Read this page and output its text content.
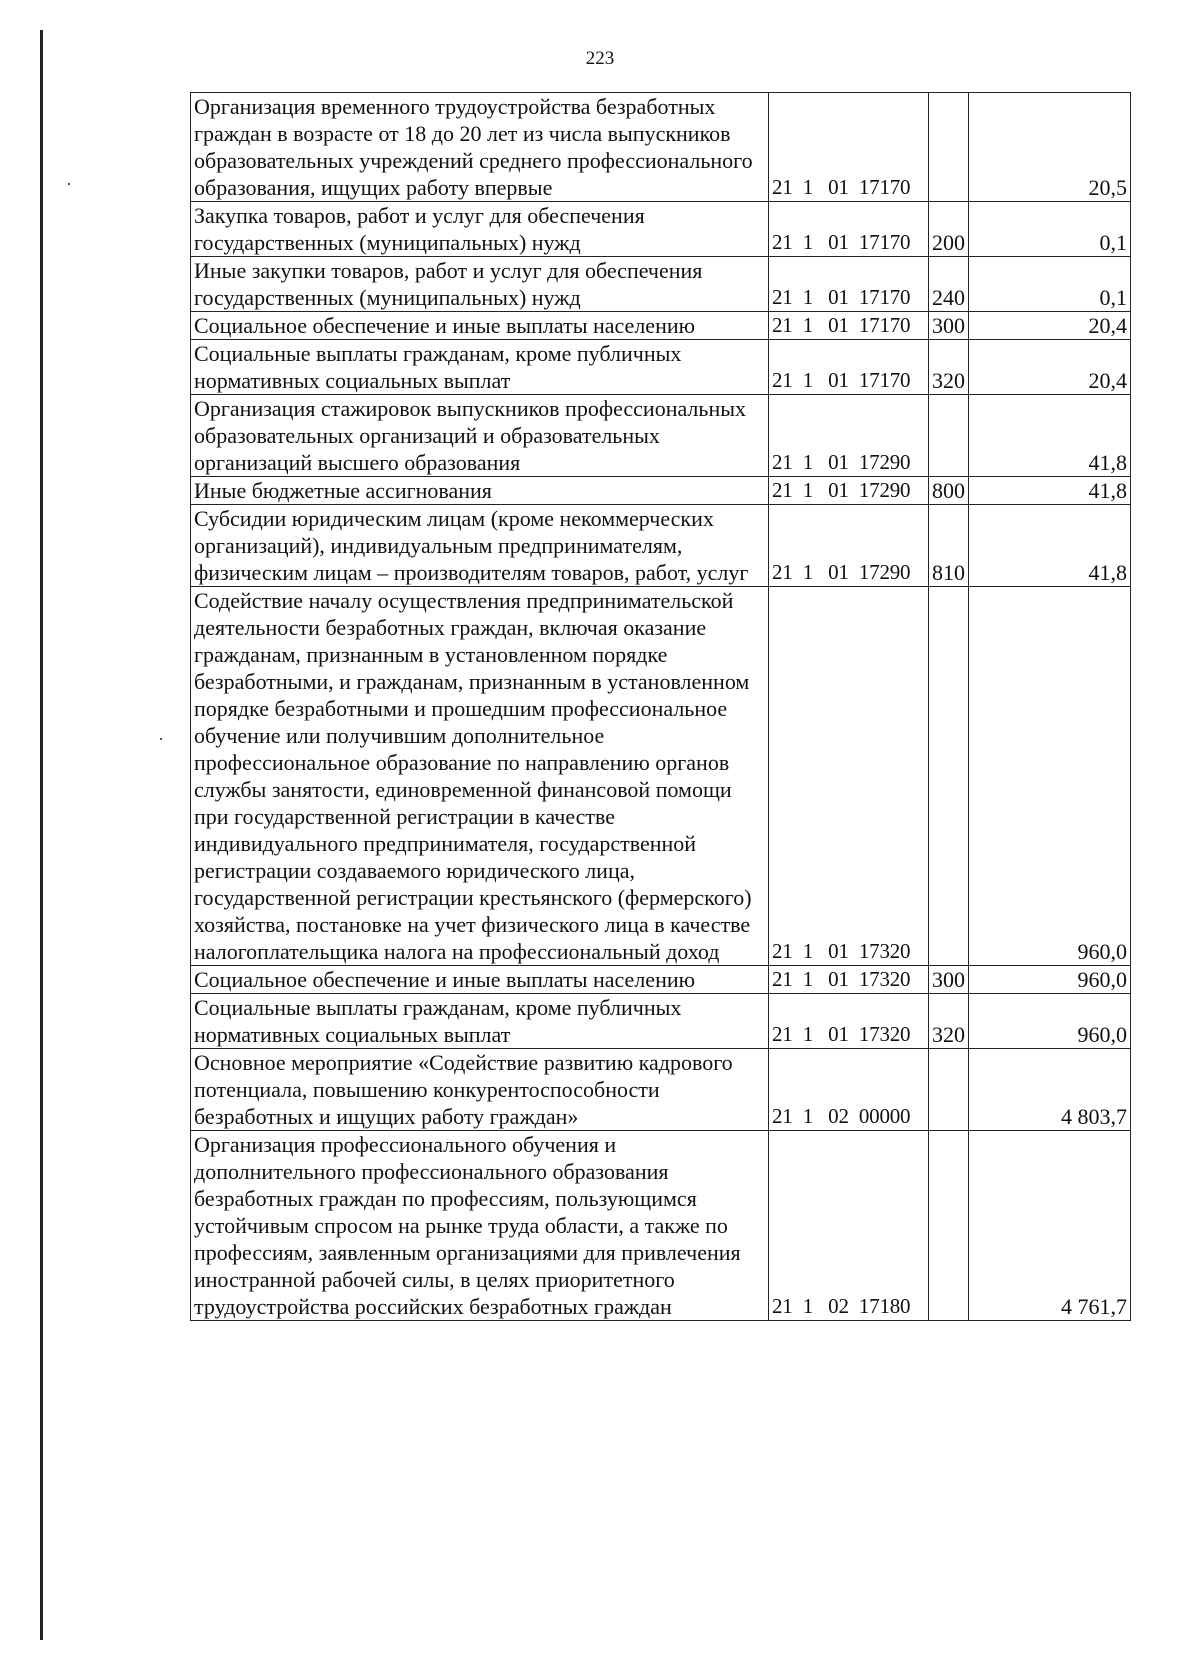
223
Организация временного трудоустройства безработных граждан в возрасте от 18 до 20 лет из числа выпускников образовательных учреждений среднего профессионального образования, ищущих работу впервые	21  1   01  17170		20,5
Закупка товаров, работ и услуг для обеспечения государственных (муниципальных) нужд	21  1   01  17170	200	0,1
Иные закупки товаров, работ и услуг для обеспечения государственных (муниципальных) нужд	21  1   01  17170	240	0,1
Социальное обеспечение и иные выплаты населению	21  1   01  17170	300	20,4
Социальные выплаты гражданам, кроме публичных нормативных социальных выплат	21  1   01  17170	320	20,4
Организация стажировок выпускников профессиональных образовательных организаций и образовательных организаций высшего образования	21  1   01  17290		41,8
Иные бюджетные ассигнования	21  1   01  17290	800	41,8
Субсидии юридическим лицам (кроме некоммерческих организаций), индивидуальным предпринимателям, физическим лицам – производителям товаров, работ, услуг	21  1   01  17290	810	41,8
Содействие началу осуществления предпринимательской деятельности безработных граждан, включая оказание гражданам, признанным в установленном порядке безработными, и гражданам, признанным в установленном порядке безработными и прошедшим профессиональное обучение или получившим дополнительное профессиональное образование по направлению органов службы занятости, единовременной финансовой помощи при государственной регистрации в качестве индивидуального предпринимателя, государственной регистрации создаваемого юридического лица, государственной регистрации крестьянского (фермерского) хозяйства, постановке на учет физического лица в качестве налогоплательщика налога на профессиональный доход	21  1   01  17320		960,0
Социальное обеспечение и иные выплаты населению	21  1   01  17320	300	960,0
Социальные выплаты гражданам, кроме публичных нормативных социальных выплат	21  1   01  17320	320	960,0
Основное мероприятие «Содействие развитию кадрового потенциала, повышению конкурентоспособности безработных и ищущих работу граждан»	21  1   02  00000		4 803,7
Организация профессионального обучения и дополнительного профессионального образования безработных граждан по профессиям, пользующимся устойчивым спросом на рынке труда области, а также по профессиям, заявленным организациями для привлечения иностранной рабочей силы, в целях приоритетного трудоустройства российских безработных граждан	21  1   02  17180		4 761,7
